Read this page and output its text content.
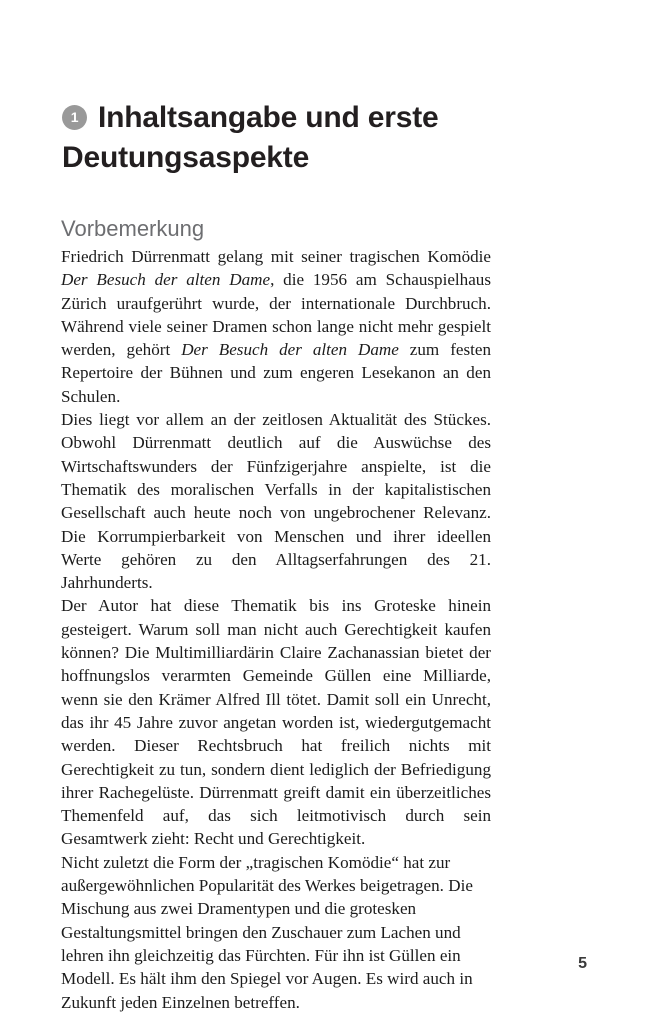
1 Inhaltsangabe und erste Deutungsaspekte
Vorbemerkung

Friedrich Dürrenmatt gelang mit seiner tragischen Komödie Der Besuch der alten Dame, die 1956 am Schauspielhaus Zürich uraufgerührt wurde, der internationale Durchbruch. Während viele seiner Dramen schon lange nicht mehr gespielt werden, gehört Der Besuch der alten Dame zum festen Repertoire der Bühnen und zum engeren Lesekanon an den Schulen.

Dies liegt vor allem an der zeitlosen Aktualität des Stückes. Obwohl Dürrenmatt deutlich auf die Auswüchse des Wirtschaftswunders der Fünfzigerjahre anspielte, ist die Thematik des moralischen Verfalls in der kapitalistischen Gesellschaft auch heute noch von ungebrochener Relevanz. Die Korrumpierbarkeit von Menschen und ihrer ideellen Werte gehören zu den Alltagserfahrungen des 21. Jahrhunderts.

Der Autor hat diese Thematik bis ins Groteske hinein gesteigert. Warum soll man nicht auch Gerechtigkeit kaufen können? Die Multimilliardärin Claire Zachanassian bietet der hoffnungslos verarmten Gemeinde Güllen eine Milliarde, wenn sie den Krämer Alfred Ill tötet. Damit soll ein Unrecht, das ihr 45 Jahre zuvor angetan worden ist, wiedergutgemacht werden. Dieser Rechtsbruch hat freilich nichts mit Gerechtigkeit zu tun, sondern dient lediglich der Befriedigung ihrer Rachegelüste. Dürrenmatt greift damit ein überzeitliches Themenfeld auf, das sich leitmotivisch durch sein Gesamtwerk zieht: Recht und Gerechtigkeit.

Nicht zuletzt die Form der „tragischen Komödie“ hat zur außergewöhnlichen Popularität des Werkes beigetragen. Die Mischung aus zwei Dramentypen und die grotesken Gestaltungsmittel bringen den Zuschauer zum Lachen und lehren ihn gleichzeitig das Fürchten. Für ihn ist Güllen ein Modell. Es hält ihm den Spiegel vor Augen. Es wird auch in Zukunft jeden Einzelnen betreffen.

5
